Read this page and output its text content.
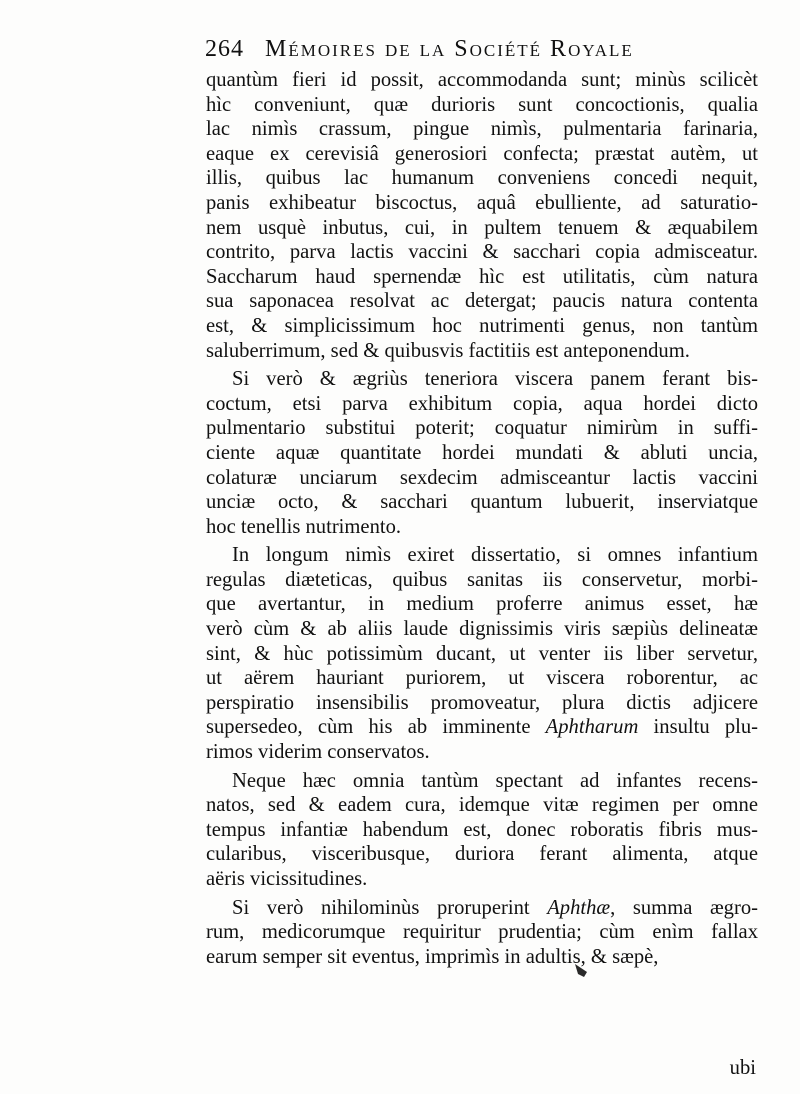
264 Mémoires de la Société Royale
quantùm fieri id possit, accommodanda sunt; minùs scilicèt
hìc conveniunt, quæ durioris sunt concoctionis, qualia
lac nimìs crassum, pingue nimìs, pulmentaria farinaria,
eaque ex cerevisiâ generosiori confecta; præstat autèm, ut
illis, quibus lac humanum conveniens concedi nequit,
panis exhibeatur biscoctus, aquâ ebulliente, ad saturatio-
nem usquè inbutus, cui, in pultem tenuem & æquabilem
contrito, parva lactis vaccini & sacchari copia admisceatur.
Saccharum haud spernendæ hìc est utilitatis, cùm natura
sua saponacea resolvat ac detergat; paucis natura contenta
est, & simplicissimum hoc nutrimenti genus, non tantùm
saluberrimum, sed & quibusvis factitiis est anteponendum.
Si verò & ægriùs teneriora viscera panem ferant bis-
coctum, etsi parva exhibitum copia, aqua hordei dicto
pulmentario substitui poterit; coquatur nimirùm in suffi-
ciente aquæ quantitate hordei mundati & abluti uncia,
colaturæ unciarum sexdecim admisceantur lactis vaccini
unciæ octo, & sacchari quantum lubuerit, inserviatque
hoc tenellis nutrimento.
In longum nimìs exiret dissertatio, si omnes infantium
regulas diæteticas, quibus sanitas iis conservetur, morbi-
que avertantur, in medium proferre animus esset, hæ
verò cùm & ab aliis laude dignissimis viris sæpiùs delineatæ
sint, & hùc potissimùm ducant, ut venter iis liber servetur,
ut aërem hauriant puriorem, ut viscera roborentur, ac
perspiratio insensibilis promoveatur, plura dictis adjicere
supersedeo, cùm his ab imminente Aphtharum insultu plu-
rimos viderim conservatos.
Neque hæc omnia tantùm spectant ad infantes recens-
natos, sed & eadem cura, idemque vitæ regimen per omne
tempus infantiæ habendum est, donec roboratis fibris mus-
cularibus, visceribusque, duriora ferant alimenta, atque
aëris vicissitudines.
Si verò nihilominùs proruperint Aphthæ, summa ægro-
rum, medicorumque requiritur prudentia; cùm enìm fallax
earum semper sit eventus, imprimìs in adultis, & sæpè,
ubi
